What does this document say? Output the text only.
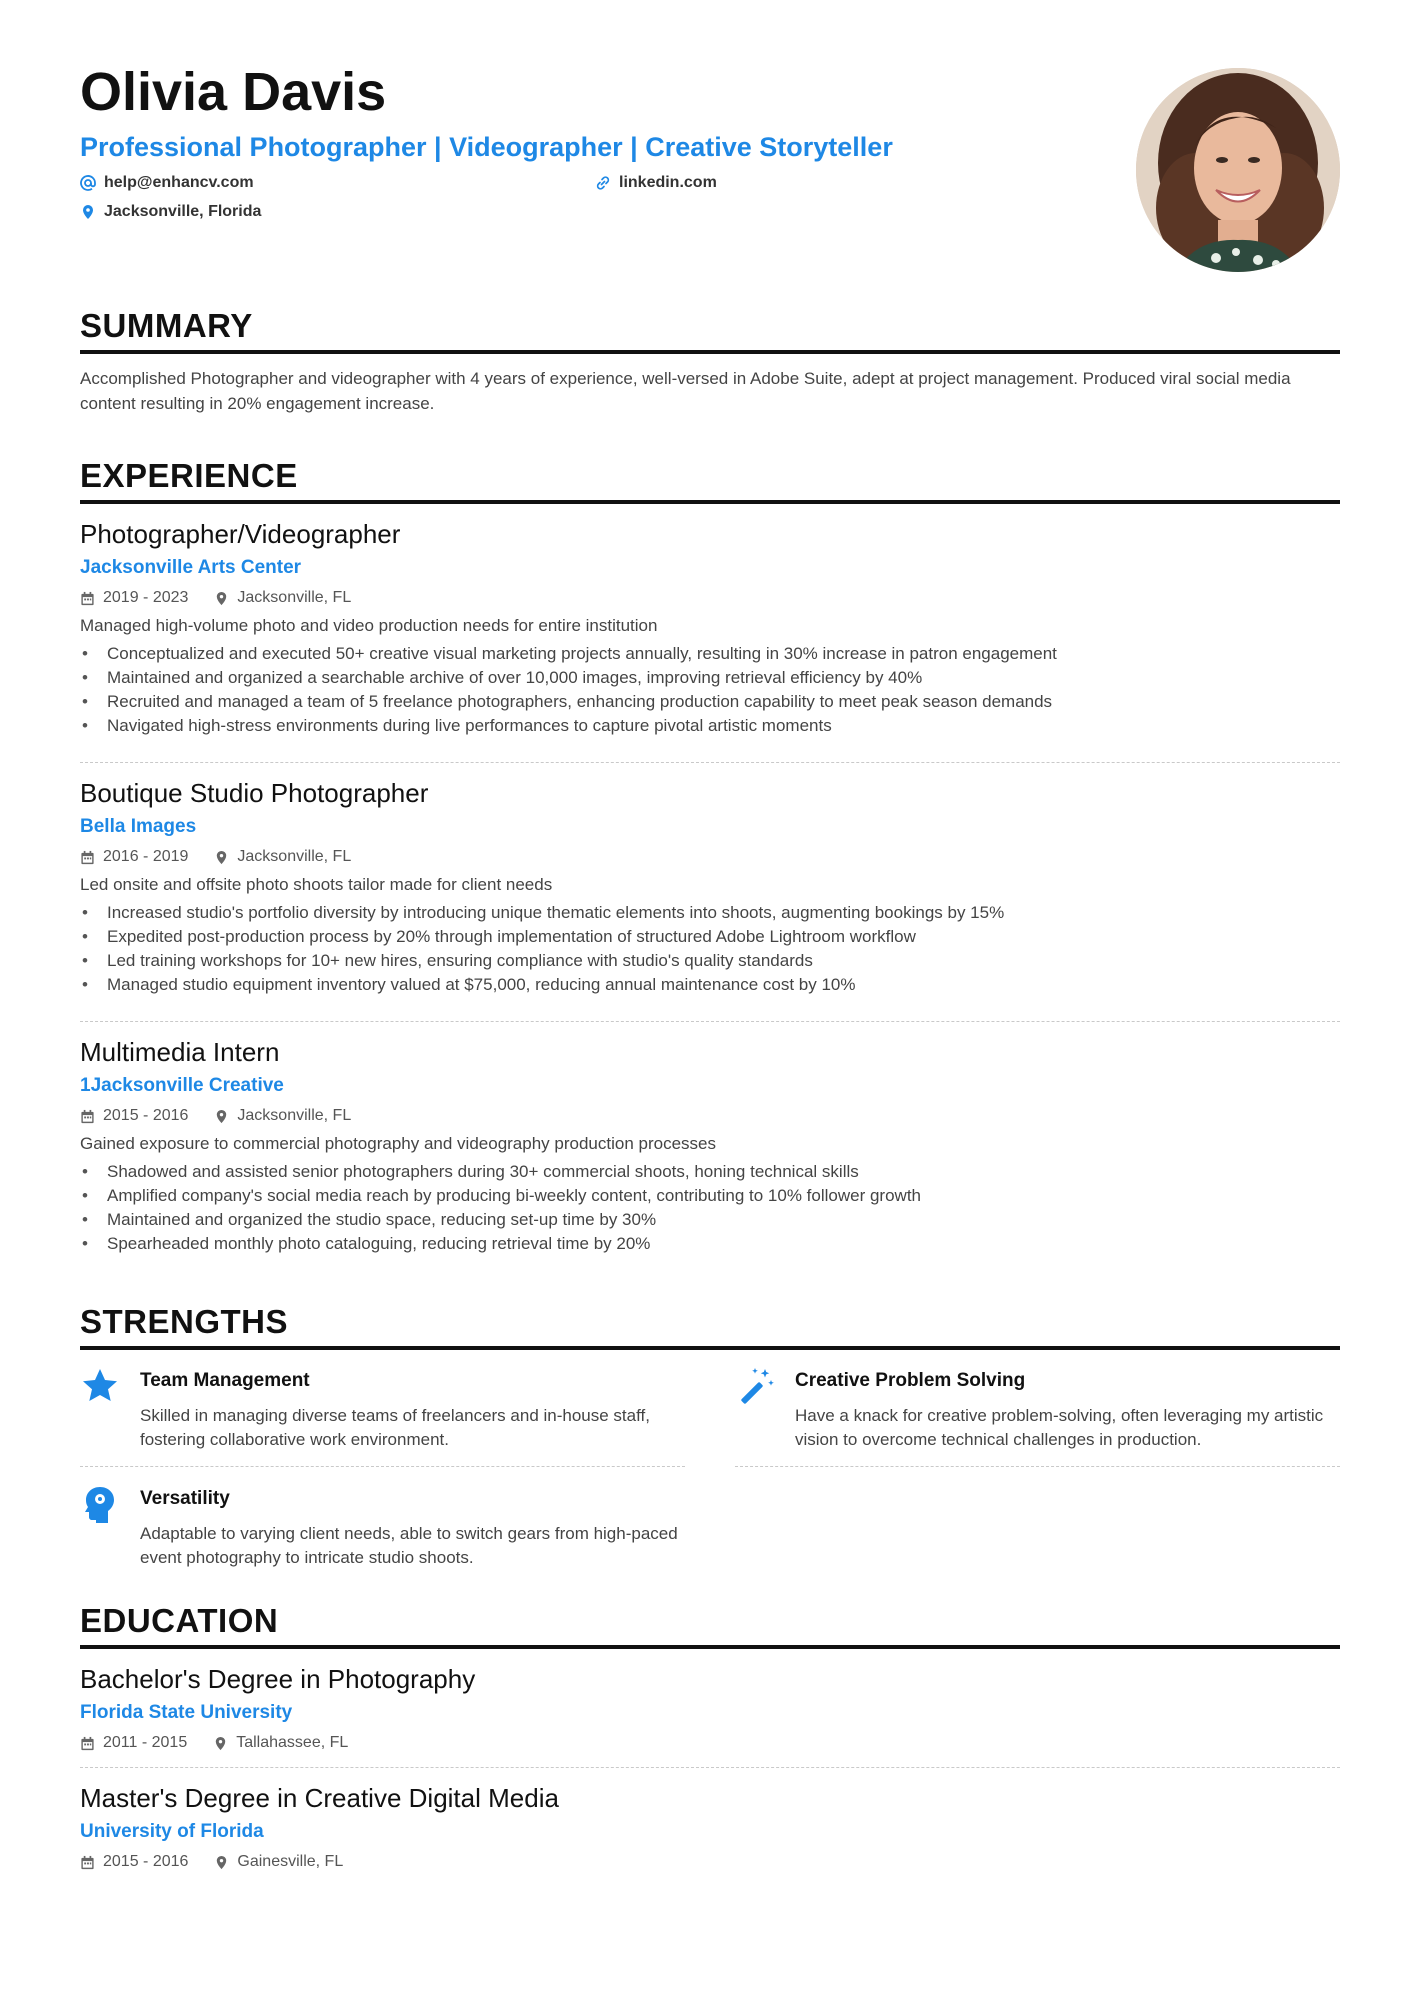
Olivia Davis
Professional Photographer | Videographer | Creative Storyteller
help@enhancv.com	linkedin.com
Jacksonville, Florida
SUMMARY
Accomplished Photographer and videographer with 4 years of experience, well-versed in Adobe Suite, adept at project management. Produced viral social media content resulting in 20% engagement increase.
EXPERIENCE
Photographer/Videographer
Jacksonville Arts Center
2019 - 2023	Jacksonville, FL
Managed high-volume photo and video production needs for entire institution
• Conceptualized and executed 50+ creative visual marketing projects annually, resulting in 30% increase in patron engagement
• Maintained and organized a searchable archive of over 10,000 images, improving retrieval efficiency by 40%
• Recruited and managed a team of 5 freelance photographers, enhancing production capability to meet peak season demands
• Navigated high-stress environments during live performances to capture pivotal artistic moments
Boutique Studio Photographer
Bella Images
2016 - 2019	Jacksonville, FL
Led onsite and offsite photo shoots tailor made for client needs
• Increased studio's portfolio diversity by introducing unique thematic elements into shoots, augmenting bookings by 15%
• Expedited post-production process by 20% through implementation of structured Adobe Lightroom workflow
• Led training workshops for 10+ new hires, ensuring compliance with studio's quality standards
• Managed studio equipment inventory valued at $75,000, reducing annual maintenance cost by 10%
Multimedia Intern
1Jacksonville Creative
2015 - 2016	Jacksonville, FL
Gained exposure to commercial photography and videography production processes
• Shadowed and assisted senior photographers during 30+ commercial shoots, honing technical skills
• Amplified company's social media reach by producing bi-weekly content, contributing to 10% follower growth
• Maintained and organized the studio space, reducing set-up time by 30%
• Spearheaded monthly photo cataloguing, reducing retrieval time by 20%
STRENGTHS
Team Management
Skilled in managing diverse teams of freelancers and in-house staff, fostering collaborative work environment.
Creative Problem Solving
Have a knack for creative problem-solving, often leveraging my artistic vision to overcome technical challenges in production.
Versatility
Adaptable to varying client needs, able to switch gears from high-paced event photography to intricate studio shoots.
EDUCATION
Bachelor's Degree in Photography
Florida State University
2011 - 2015	Tallahassee, FL
Master's Degree in Creative Digital Media
University of Florida
2015 - 2016	Gainesville, FL
